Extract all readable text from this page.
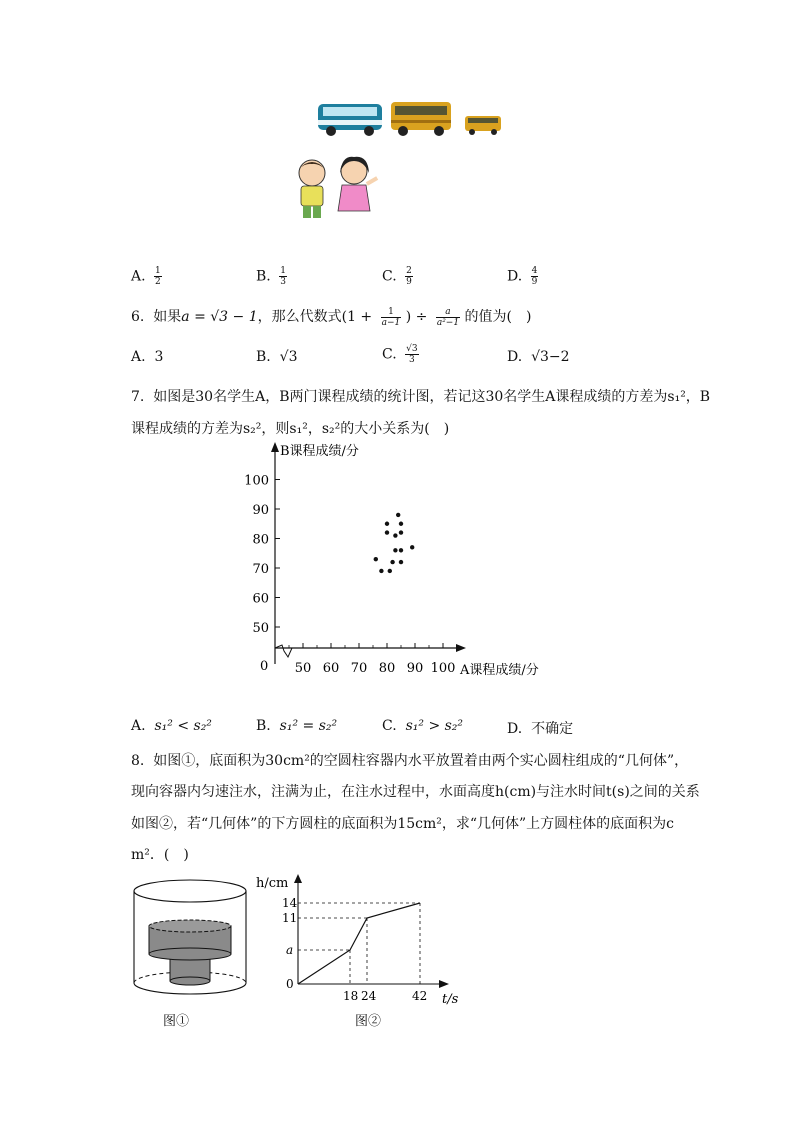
A. $\frac{1}{2}$	B. $\frac{1}{3}$	C. $\frac{2}{9}$	D. $\frac{4}{9}$
6. 如果a = √3 − 1，那么代数式($1 + \frac{1}{a-1}$ ) ÷ $\frac{a}{\text{a²−1}}$ 的值为(　)
A. 3	B. √3	C. $\frac{√3}{3}$	D. √3−2
7. 如图是30名学生A，B两门课程成绩的统计图，若记这30名学生A课程成绩的方差为s₁²，B
课程成绩的方差为s₂²，则s₁²，s₂²的大小关系为(　)
50 60 70 80 90 100
50
60
70
80
90
100
B课程成绩/分
A课程成绩/分
0
A. s₁² < s₂²	B. s₁² = s₂²	C. s₁² > s₂²	D. 不确定
8. 如图①，底面积为30cm²的空圆柱容器内水平放置着由两个实心圆柱组成的“几何体”，
现向容器内匀速注水，注满为止，在注水过程中，水面高度h(cm)与注水时间t(s)之间的关系
如图②，若“几何体”的下方圆柱的底面积为15cm²，求“几何体”上方圆柱体的底面积为c
m²．(　)
图①
h/cm
t/s
14
11
a
0
18 24	42
图②
